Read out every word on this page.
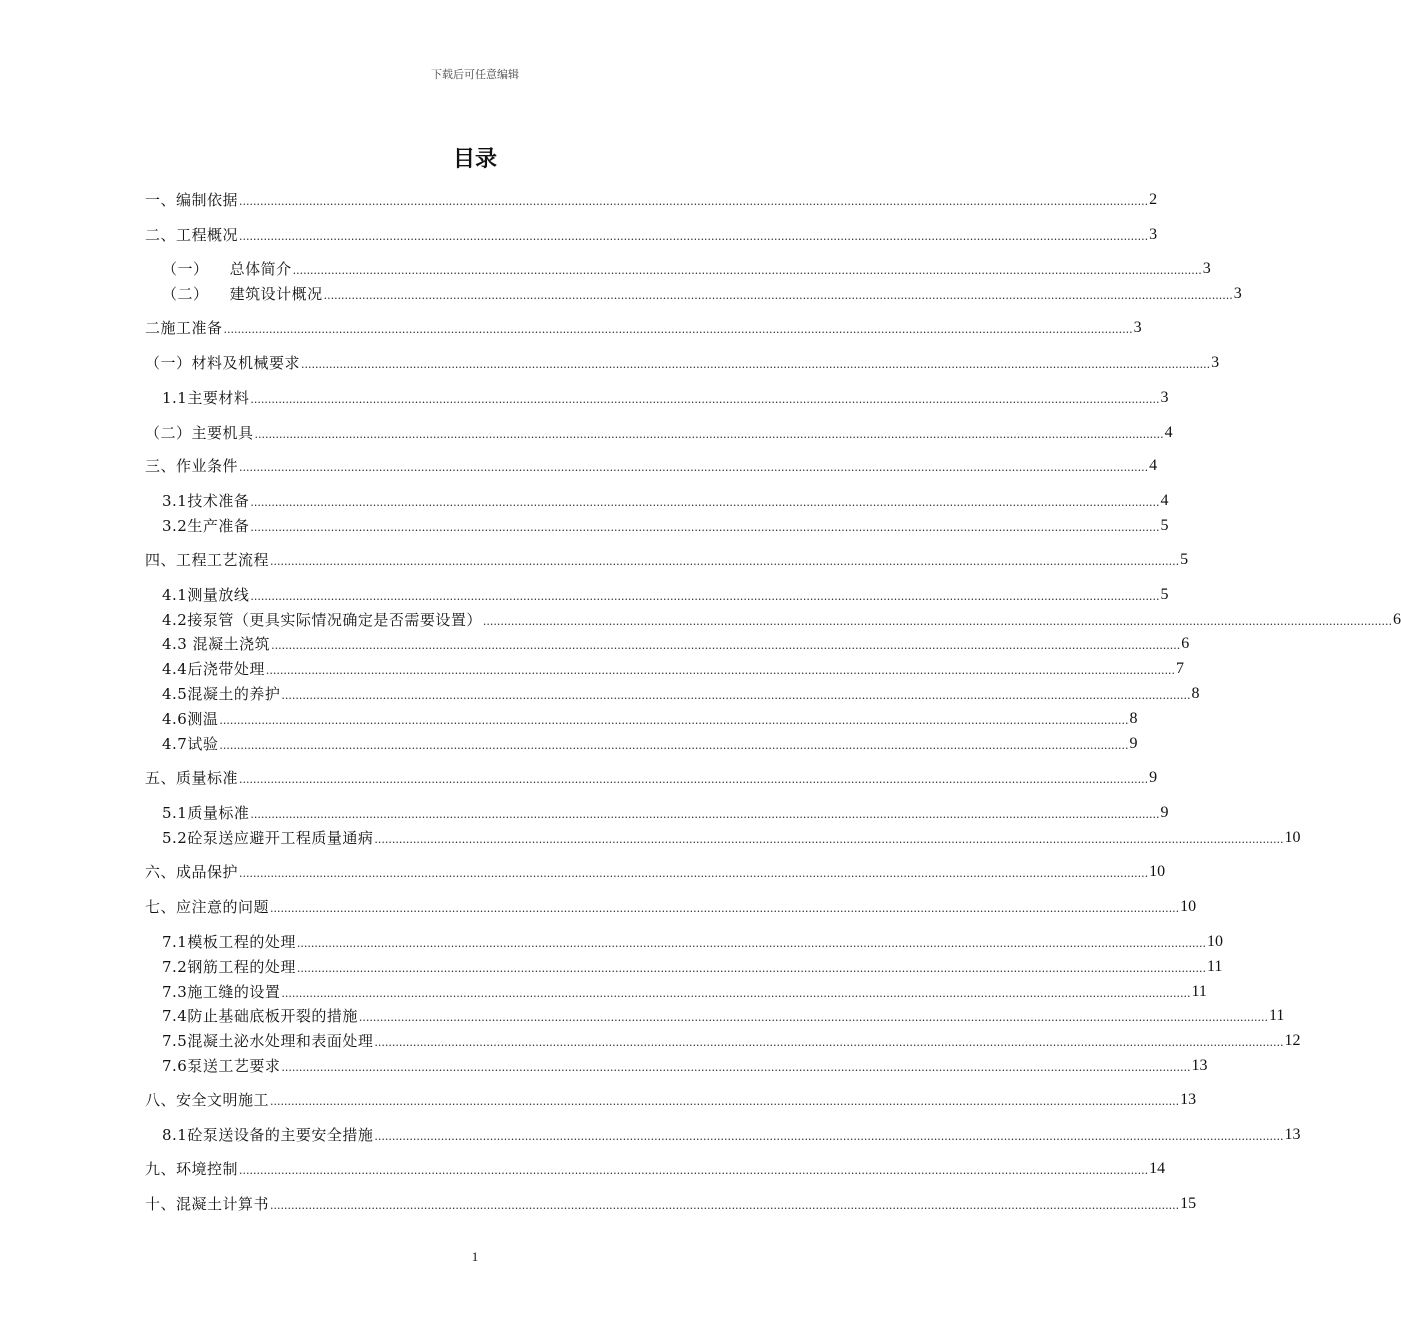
下载后可任意编辑
目录
一、编制依据 .................................................................................................................................................................................................................................................................... 2
二、工程概况 .................................................................................................................................................................................................................................................................... 3
（一）    总体简介 .................................................................................................................................................................................................................................................................... 3
（二）    建筑设计概况 .................................................................................................................................................................................................................................................................... 3
二施工准备 .................................................................................................................................................................................................................................................................... 3
（一）材料及机械要求 .................................................................................................................................................................................................................................................................... 3
1.1主要材料 .................................................................................................................................................................................................................................................................... 3
（二）主要机具 .................................................................................................................................................................................................................................................................... 4
三、作业条件 .................................................................................................................................................................................................................................................................... 4
3.1技术准备 .................................................................................................................................................................................................................................................................... 4
3.2生产准备 .................................................................................................................................................................................................................................................................... 5
四、工程工艺流程 .................................................................................................................................................................................................................................................................... 5
4.1测量放线 .................................................................................................................................................................................................................................................................... 5
4.2接泵管（更具实际情况确定是否需要设置） .................................................................................................................................................................................................................................................................... 6
4.3 混凝土浇筑 .................................................................................................................................................................................................................................................................... 6
4.4后浇带处理 .................................................................................................................................................................................................................................................................... 7
4.5混凝土的养护 .................................................................................................................................................................................................................................................................... 8
4.6测温 .................................................................................................................................................................................................................................................................... 8
4.7试验 .................................................................................................................................................................................................................................................................... 9
五、质量标准 .................................................................................................................................................................................................................................................................... 9
5.1质量标准 .................................................................................................................................................................................................................................................................... 9
5.2砼泵送应避开工程质量通病 .................................................................................................................................................................................................................................................................... 10
六、成品保护 .................................................................................................................................................................................................................................................................... 10
七、应注意的问题 .................................................................................................................................................................................................................................................................... 10
7.1模板工程的处理 .................................................................................................................................................................................................................................................................... 10
7.2钢筋工程的处理 .................................................................................................................................................................................................................................................................... 11
7.3施工缝的设置 .................................................................................................................................................................................................................................................................... 11
7.4防止基础底板开裂的措施 .................................................................................................................................................................................................................................................................... 11
7.5混凝土泌水处理和表面处理 .................................................................................................................................................................................................................................................................... 12
7.6泵送工艺要求 .................................................................................................................................................................................................................................................................... 13
八、安全文明施工 .................................................................................................................................................................................................................................................................... 13
8.1砼泵送设备的主要安全措施 .................................................................................................................................................................................................................................................................... 13
九、环境控制 .................................................................................................................................................................................................................................................................... 14
十、混凝土计算书 .................................................................................................................................................................................................................................................................... 15
1
